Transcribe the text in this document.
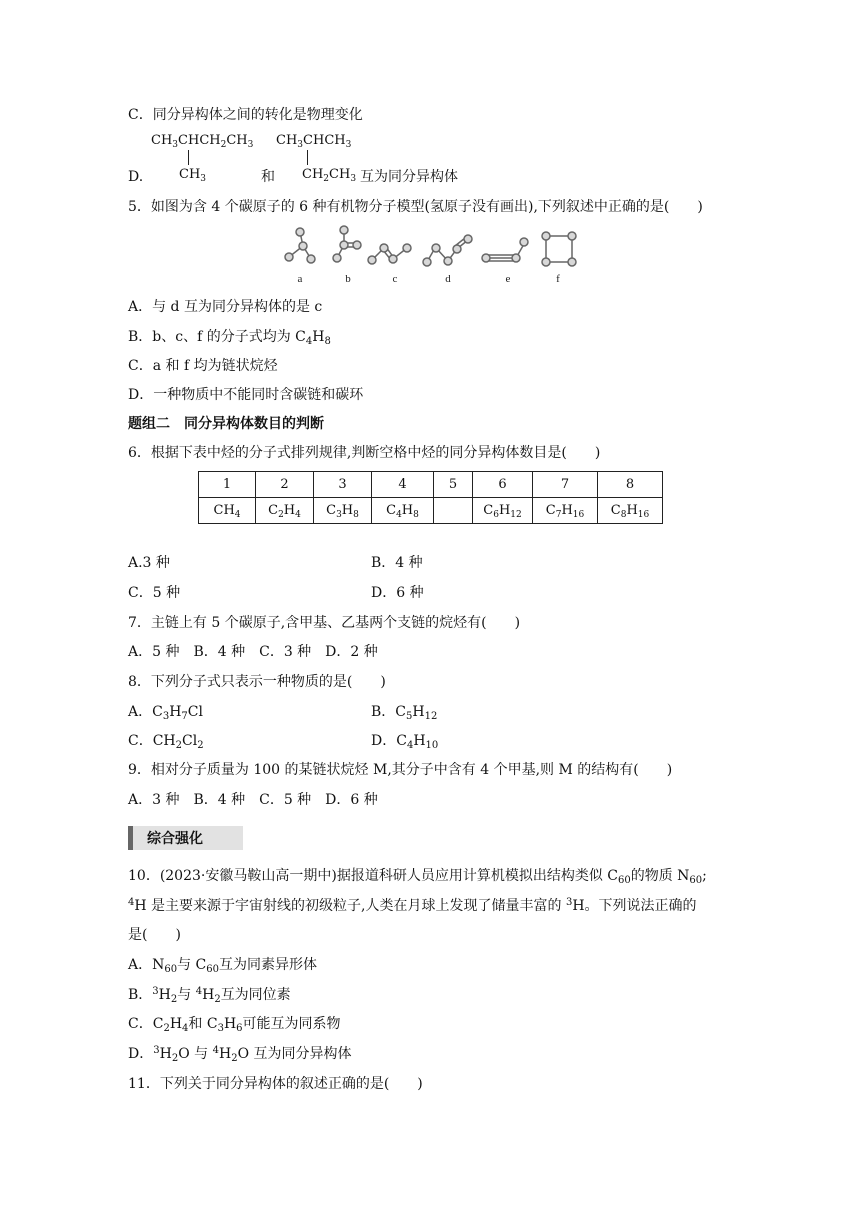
C．同分异构体之间的转化是物理变化
$CH_3CHCH_2CH_3$
$CH_3$
$CH_3CHCH_3$
D.	和 $CH_2CH_3$ 互为同分异构体
5．如图为含 4 个碳原子的 6 种有机物分子模型(氢原子没有画出),下列叙述中正确的是(　　)
a	b	c	d	e	f
A．与 d 互为同分异构体的是 c
B．b、c、f 的分子式均为 $C_4H_8$
C．a 和 f 均为链状烷烃
D．一种物质中不能同时含碳链和碳环
题组二　同分异构体数目的判断
6．根据下表中烃的分子式排列规律,判断空格中烃的同分异构体数目是(　　)
1	2	3	4	5	6	7	8
$CH_4$	$C_2H_4$	$C_3H_8$	$C_4H_8$		$C_6H_{12}$	$C_7H_{16}$	$C_8H_{16}$
A.3 种	B．4 种
C．5 种	D．6 种
7．主链上有 5 个碳原子,含甲基、乙基两个支链的烷烃有(　　)
A．5 种　B．4 种　C．3 种　D．2 种
8．下列分子式只表示一种物质的是(　　)
A．$C_3H_7Cl$	B．$C_5H_{12}$
C．$CH_2Cl_2$	D．$C_4H_{10}$
9．相对分子质量为 100 的某链状烷烃 M,其分子中含有 4 个甲基,则 M 的结构有(　　)
A．3 种　B．4 种　C．5 种　D．6 种
综合强化
10．(2023·安徽马鞍山高一期中)据报道科研人员应用计算机模拟出结构类似 $C_{60}$的物质 $N_{60}$;
$^4$H 是主要来源于宇宙射线的初级粒子,人类在月球上发现了储量丰富的 $^3$H。下列说法正确的
是(　　)
A．$N_{60}$与 $C_{60}$互为同素异形体
B．$^3H_2$与 $^4H_2$互为同位素
C．$C_2H_4$和 $C_3H_6$可能互为同系物
D．$^3H_2O$ 与 $^4H_2O$ 互为同分异构体
11．下列关于同分异构体的叙述正确的是(　　)
